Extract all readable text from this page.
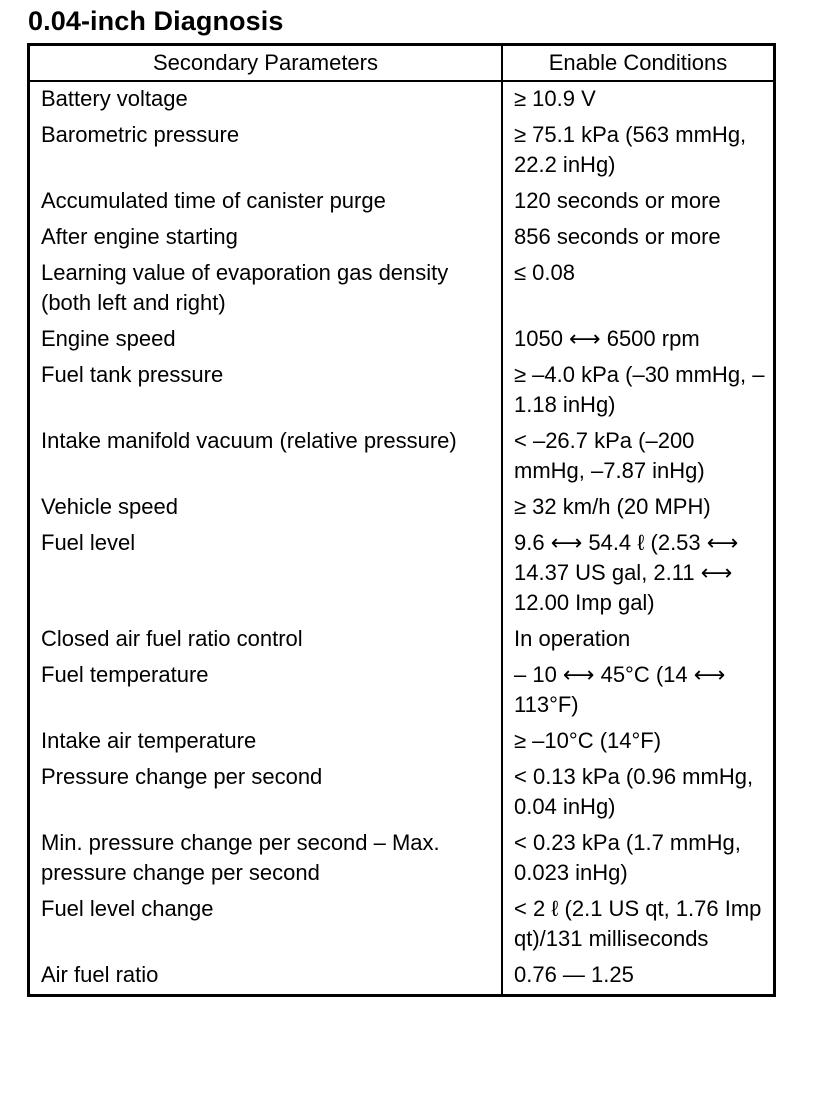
0.04-inch Diagnosis
Secondary Parameters	Enable Conditions
Battery voltage	≥ 10.9 V
Barometric pressure	≥ 75.1 kPa (563 mmHg, 22.2 inHg)
Accumulated time of canister purge	120 seconds or more
After engine starting	856 seconds or more
Learning value of evaporation gas density (both left and right)	≤ 0.08
Engine speed	1050 ⟷ 6500 rpm
Fuel tank pressure	≥ –4.0 kPa (–30 mmHg, –1.18 inHg)
Intake manifold vacuum (relative pressure)	< –26.7 kPa (–200 mmHg, –7.87 inHg)
Vehicle speed	≥ 32 km/h (20 MPH)
Fuel level	9.6 ⟷ 54.4 ℓ (2.53 ⟷ 14.37 US gal, 2.11 ⟷ 12.00 Imp gal)
Closed air fuel ratio control	In operation
Fuel temperature	– 10 ⟷ 45°C (14 ⟷ 113°F)
Intake air temperature	≥ –10°C (14°F)
Pressure change per second	< 0.13 kPa (0.96 mmHg, 0.04 inHg)
Min. pressure change per second – Max. pressure change per second	< 0.23 kPa (1.7 mmHg, 0.023 inHg)
Fuel level change	< 2 ℓ (2.1 US qt, 1.76 Imp qt)/131 milliseconds
Air fuel ratio	0.76 — 1.25
